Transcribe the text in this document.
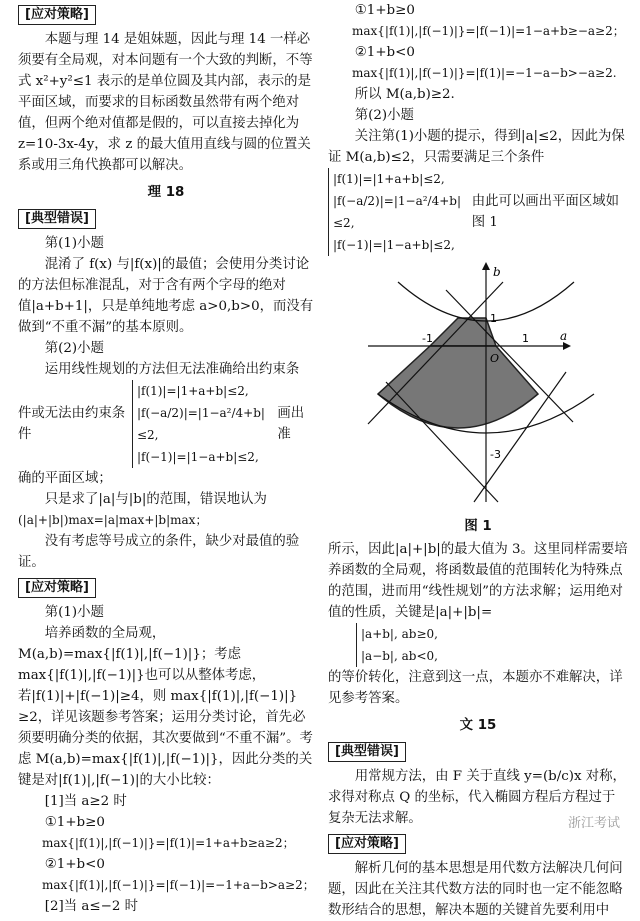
[应对策略]

本题与理 14 是姐妹题，因此与理 14 一样必须要有全局观，对本问题有一个大致的判断，不等式 x²+y²≤1 表示的是单位圆及其内部，表示的是平面区域，而要求的目标函数虽然带有两个绝对值，但两个绝对值都是假的，可以直接去掉化为 z=10-3x-4y，求 z 的最大值用直线与圆的位置关系或用三角代换都可以解决。

理 18
[典型错误]

第(1)小题

混淆了 f(x) 与|f(x)|的最值；会使用分类讨论的方法但标准混乱，对于含有两个字母的绝对值|a+b+1|，只是单纯地考虑 a>0,b>0，而没有做到“不重不漏”的基本原则。

第(2)小题

运用线性规划的方法但无法准确给出约束条

件或无法由约束条件
|f(1)|=|1+a+b|≤2,
|f(−a/2)|=|1−a²/4+b|≤2,
|f(−1)|=|1−a+b|≤2,
画出准

确的平面区域；

只是求了|a|与|b|的范围，错误地认为

(|a|+|b|)max=|a|max+|b|max；

没有考虑等号成立的条件，缺少对最值的验证。

[应对策略]

第(1)小题

培养函数的全局观，M(a,b)=max{|f(1)|,|f(−1)|}；考虑 max{|f(1)|,|f(−1)|}也可以从整体考虑，若|f(1)|+|f(−1)|≥4，则 max{|f(1)|,|f(−1)|}≥2，详见该题参考答案；运用分类讨论，首先必须要明确分类的依据，其次要做到“不重不漏”。考虑 M(a,b)=max{|f(1)|,|f(−1)|}，因此分类的关键是对|f(1)|,|f(−1)|的大小比较：

[1]当 a≥2 时

①1+b≥0

max{|f(1)|,|f(−1)|}=|f(1)|=1+a+b≥a≥2；

②1+b<0

max{|f(1)|,|f(−1)|}=|f(−1)|=−1+a−b>a≥2；

[2]当 a≤−2 时

①1+b≥0

max{|f(1)|,|f(−1)|}=|f(−1)|=1−a+b≥−a≥2；

②1+b<0

max{|f(1)|,|f(−1)|}=|f(1)|=−1−a−b>−a≥2.

所以 M(a,b)≥2.

第(2)小题

关注第(1)小题的提示，得到|a|≤2，因此为保证 M(a,b)≤2，只需要满足三个条件

|f(1)|=|1+a+b|≤2,
|f(−a/2)|=|1−a²/4+b|≤2,
|f(−1)|=|1−a+b|≤2,
由此可以画出平面区域如图 1
b
a
1
-1	1
O
-3
图 1

所示，因此|a|+|b|的最大值为 3。这里同样需要培养函数的全局观，将函数最值的范围转化为特殊点的范围，进而用“线性规划”的方法求解；运用绝对值的性质，关键是|a|+|b|=

|a+b|, ab≥0,
|a−b|, ab<0,

的等价转化，注意到这一点，本题亦不难解决，详见参考答案。

文 15
[典型错误]

用常规方法，由 F 关于直线 y=(b/c)x 对称，求得对称点 Q 的坐标，代入椭圆方程后方程过于复杂无法求解。

[应对策略]

解析几何的基本思想是用代数方法解决几何问题，因此在关注其代数方法的同时也一定不能忽略数形结合的思想，解决本题的关键首先要利用中

浙江考试
